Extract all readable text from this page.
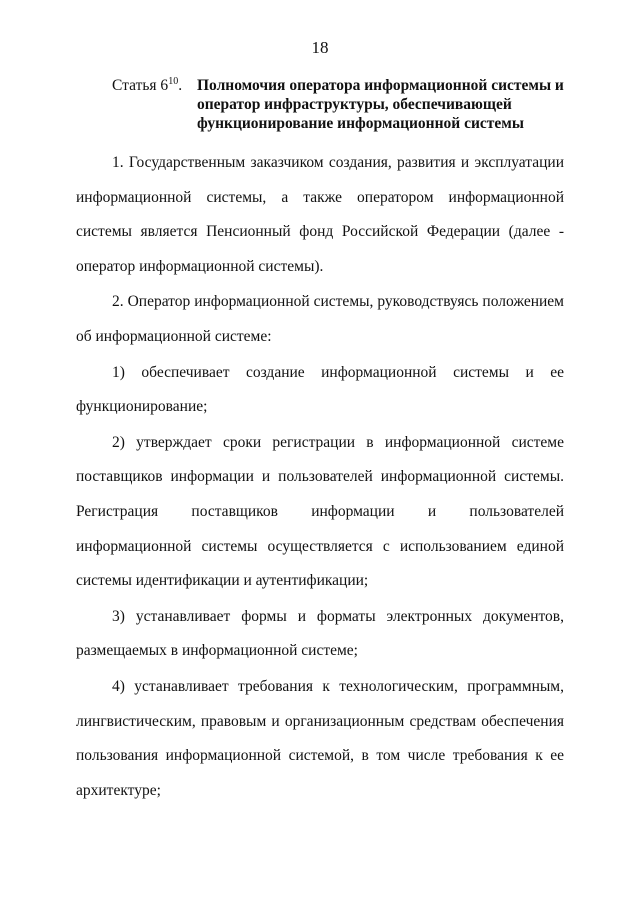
18
Статья $6^{10}$. Полномочия оператора информационной системы и оператор инфраструктуры, обеспечивающей функционирование информационной системы

1. Государственным заказчиком создания, развития и эксплуатации информационной системы, а также оператором информационной системы является Пенсионный фонд Российской Федерации (далее - оператор информационной системы).

2. Оператор информационной системы, руководствуясь положением об информационной системе:

1) обеспечивает создание информационной системы и ее функционирование;

2) утверждает сроки регистрации в информационной системе поставщиков информации и пользователей информационной системы. Регистрация поставщиков информации и пользователей информационной системы осуществляется с использованием единой системы идентификации и аутентификации;

3) устанавливает формы и форматы электронных документов, размещаемых в информационной системе;

4) устанавливает требования к технологическим, программным, лингвистическим, правовым и организационным средствам обеспечения пользования информационной системой, в том числе требования к ее архитектуре;
